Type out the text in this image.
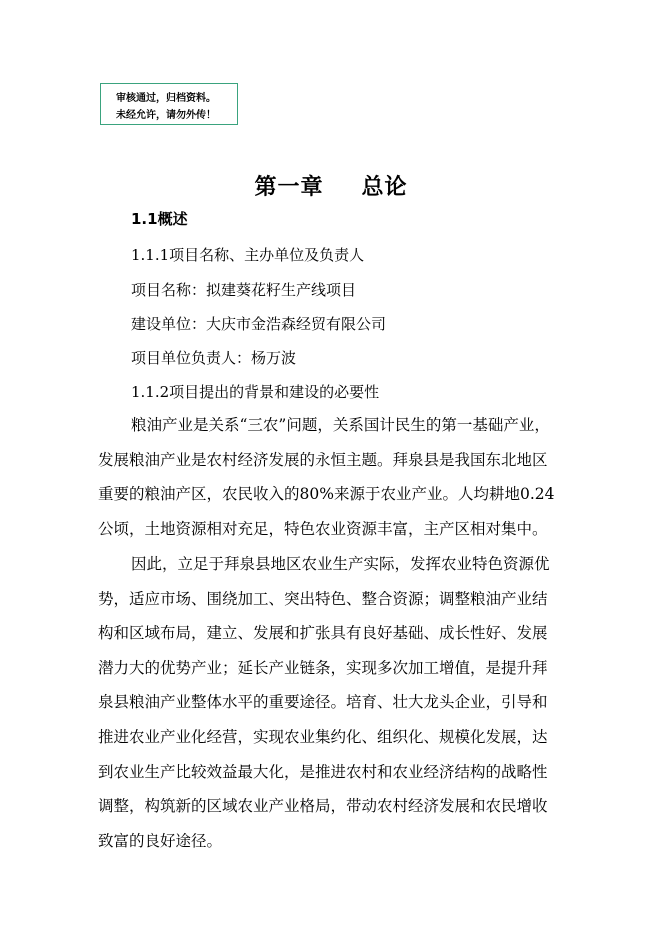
审核通过，归档资料。
未经允许，请勿外传！
第一章 总论
1.1概述
1.1.1项目名称、主办单位及负责人
项目名称：拟建葵花籽生产线项目
建设单位：大庆市金浩森经贸有限公司
项目单位负责人：杨万波
1.1.2项目提出的背景和建设的必要性
粮油产业是关系“三农”问题，关系国计民生的第一基础产业，
发展粮油产业是农村经济发展的永恒主题。拜泉县是我国东北地区
重要的粮油产区，农民收入的80%来源于农业产业。人均耕地0.24
公顷，土地资源相对充足，特色农业资源丰富，主产区相对集中。
因此，立足于拜泉县地区农业生产实际，发挥农业特色资源优
势，适应市场、围绕加工、突出特色、整合资源；调整粮油产业结
构和区域布局，建立、发展和扩张具有良好基础、成长性好、发展
潜力大的优势产业；延长产业链条，实现多次加工增值，是提升拜
泉县粮油产业整体水平的重要途径。培育、壮大龙头企业，引导和
推进农业产业化经营，实现农业集约化、组织化、规模化发展，达
到农业生产比较效益最大化，是推进农村和农业经济结构的战略性
调整，构筑新的区域农业产业格局，带动农村经济发展和农民增收
致富的良好途径。
